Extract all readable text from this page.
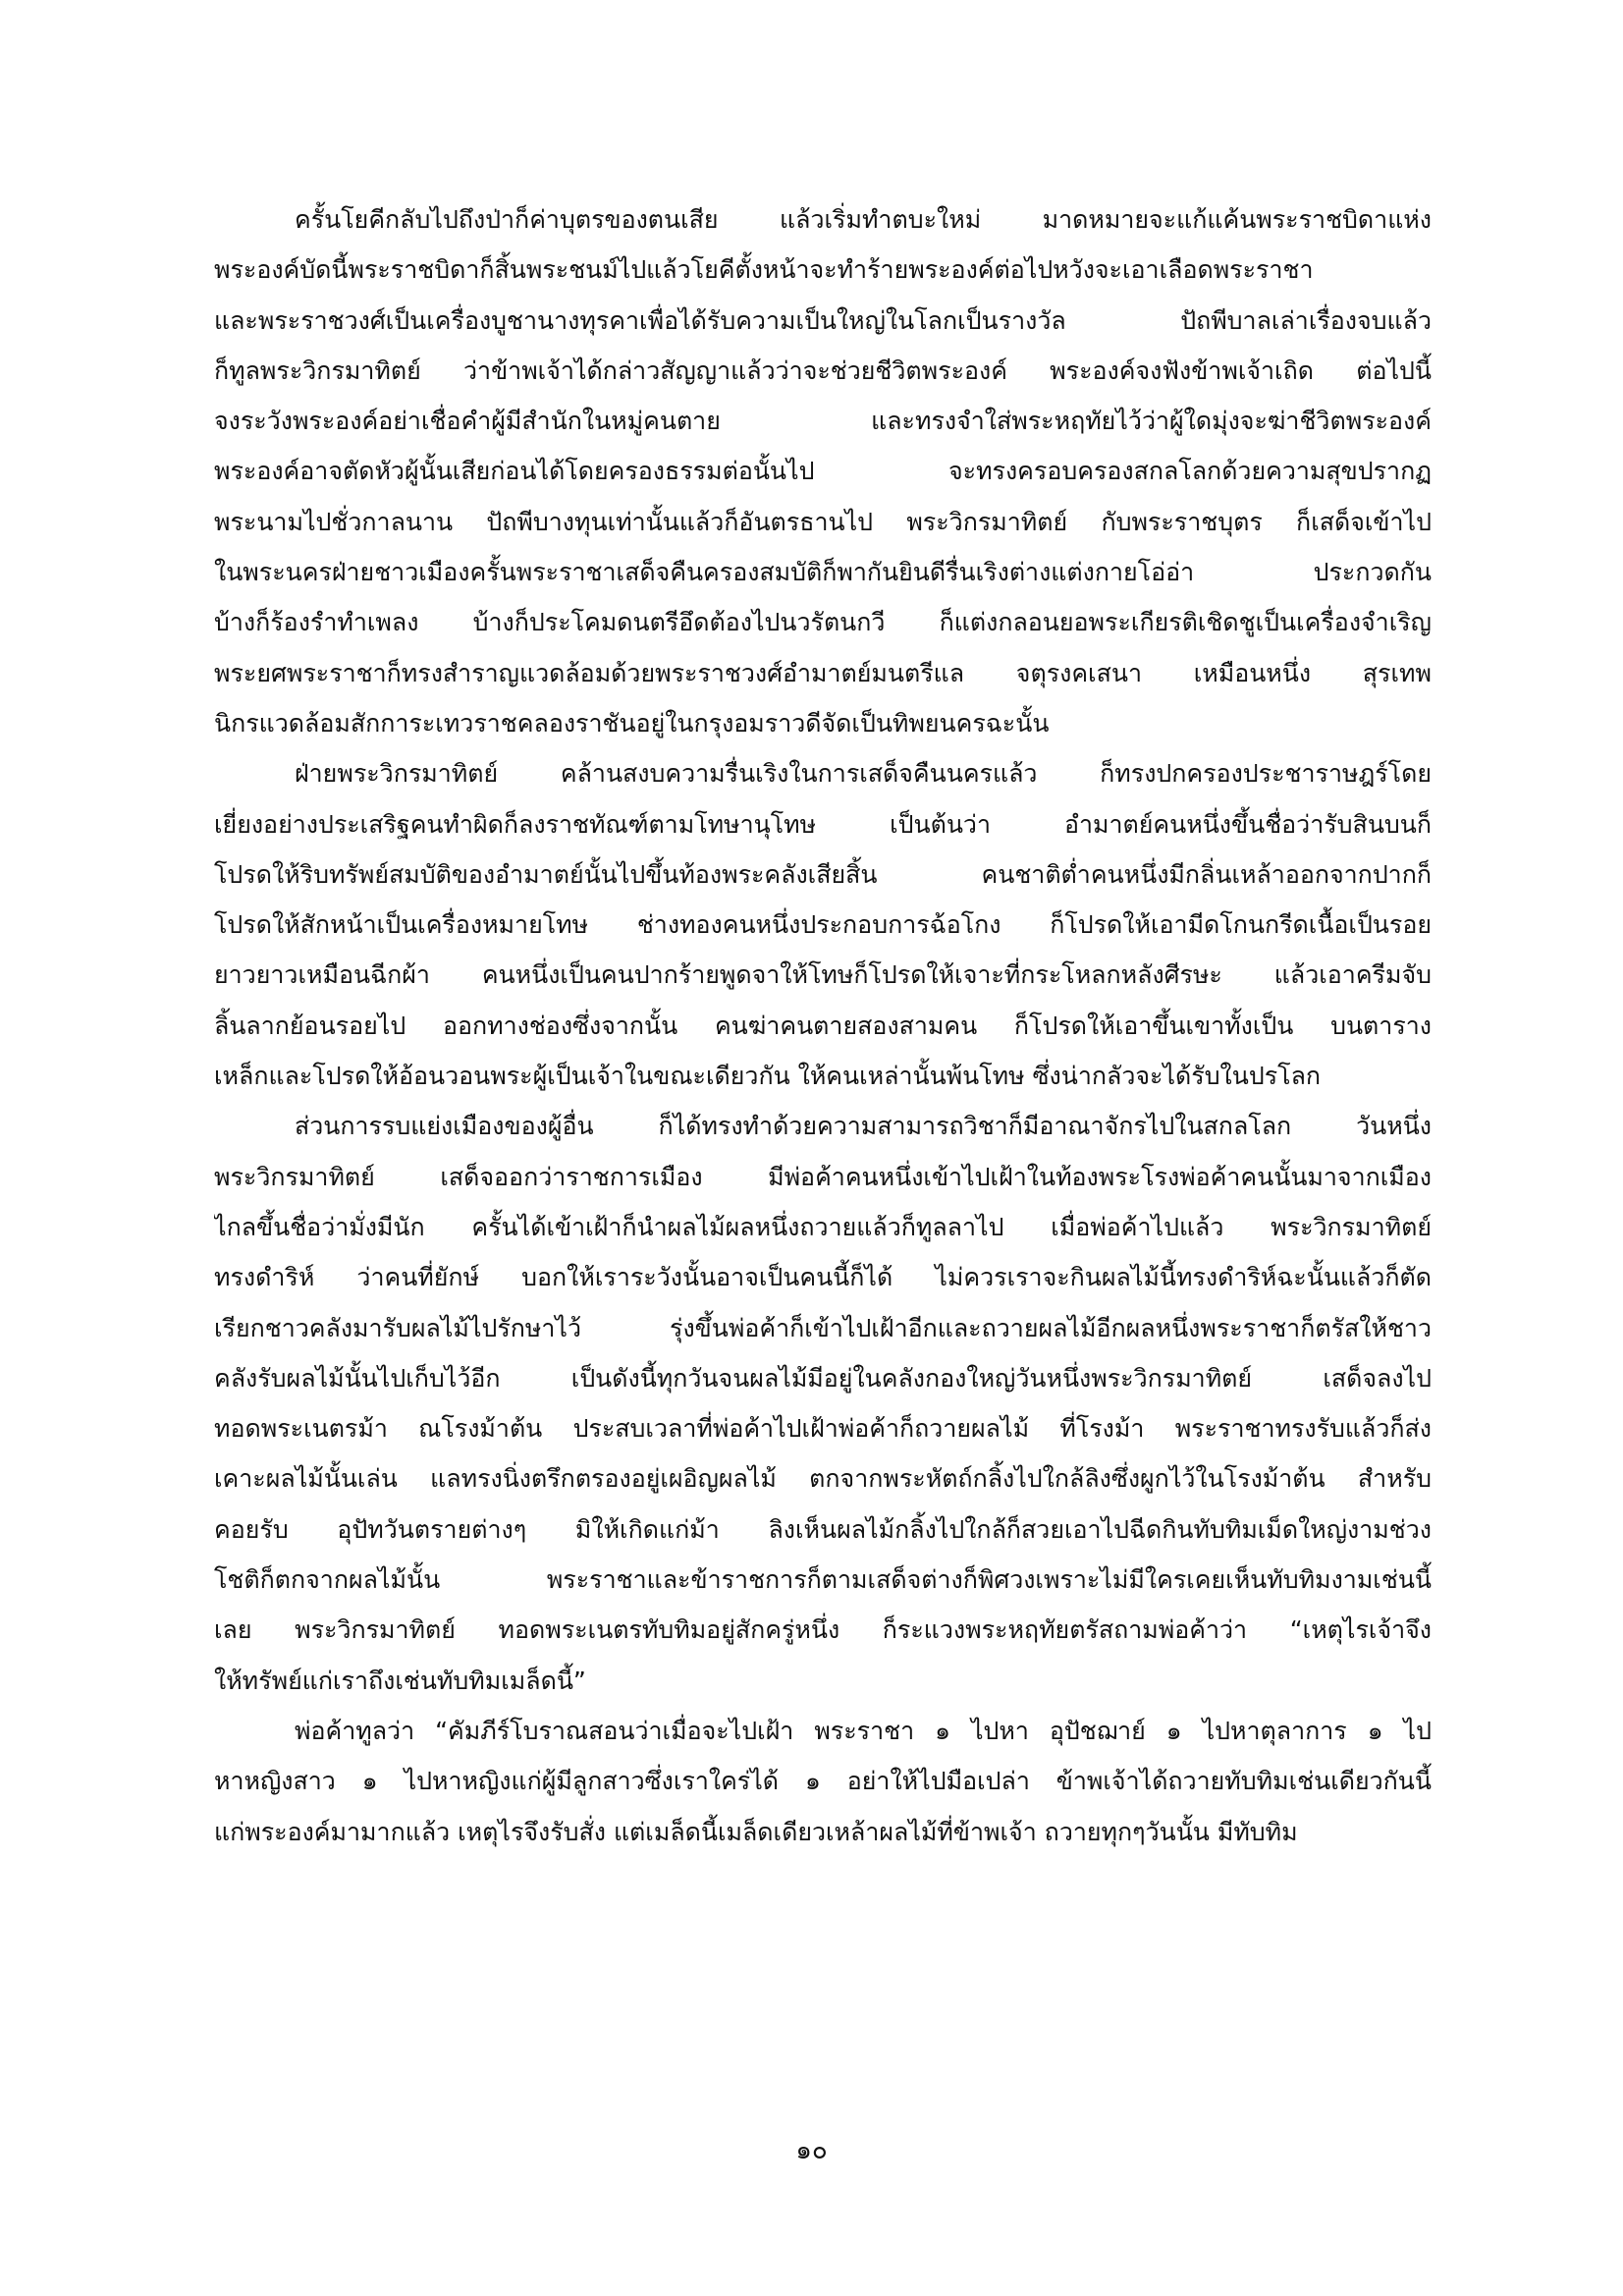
ครั้นโยคีกลับไปถึงป่าก็ค่าบุตรของตนเสีย แล้วเริ่มทำตบะใหม่ มาดหมายจะแก้แค้นพระราชบิดาแห่ง
พระองค์บัดนี้พระราชบิดาก็สิ้นพระชนม์ไปแล้วโยคีตั้งหน้าจะทำร้ายพระองค์ต่อไปหวังจะเอาเลือดพระราชา
และพระราชวงศ์เป็นเครื่องบูชานางทุรคาเพื่อได้รับความเป็นใหญ่ในโลกเป็นรางวัล ปัถพีบาลเล่าเรื่องจบแล้ว
ก็ทูลพระวิกรมาทิตย์ ว่าข้าพเจ้าได้กล่าวสัญญาแล้วว่าจะช่วยชีวิตพระองค์ พระองค์จงฟังข้าพเจ้าเถิด ต่อไปนี้
จงระวังพระองค์อย่าเชื่อคำผู้มีสำนักในหมู่คนตาย และทรงจำใส่พระหฤทัยไว้ว่าผู้ใดมุ่งจะฆ่าชีวิตพระองค์
พระองค์อาจตัดหัวผู้นั้นเสียก่อนได้โดยครองธรรมต่อนั้นไป จะทรงครอบครองสกลโลกด้วยความสุขปรากฏ
พระนามไปชั่วกาลนาน ปัถพีบางทุนเท่านั้นแล้วก็อันตรธานไป พระวิกรมาทิตย์ กับพระราชบุตร ก็เสด็จเข้าไป
ในพระนครฝ่ายชาวเมืองครั้นพระราชาเสด็จคืนครองสมบัติก็พากันยินดีรื่นเริงต่างแต่งกายโอ่อ่า ประกวดกัน
บ้างก็ร้องรำทำเพลง บ้างก็ประโคมดนตรีอึดต้องไปนวรัตนกวี ก็แต่งกลอนยอพระเกียรติเชิดชูเป็นเครื่องจำเริญ
พระยศพระราชาก็ทรงสำราญแวดล้อมด้วยพระราชวงศ์อำมาตย์มนตรีแล จตุรงคเสนา เหมือนหนึ่ง สุรเทพ
นิกรแวดล้อมสักการะเทวราชคลองราชันอยู่ในกรุงอมราวดีจัดเป็นทิพยนครฉะนั้น
ฝ่ายพระวิกรมาทิตย์ คล้านสงบความรื่นเริงในการเสด็จคืนนครแล้ว ก็ทรงปกครองประชาราษฎร์โดย
เยี่ยงอย่างประเสริฐคนทำผิดก็ลงราชทัณฑ์ตามโทษานุโทษ เป็นต้นว่า อำมาตย์คนหนึ่งขึ้นชื่อว่ารับสินบนก็
โปรดให้ริบทรัพย์สมบัติของอำมาตย์นั้นไปขึ้นท้องพระคลังเสียสิ้น คนชาติต่ำคนหนึ่งมีกลิ่นเหล้าออกจากปากก็
โปรดให้สักหน้าเป็นเครื่องหมายโทษ ช่างทองคนหนึ่งประกอบการฉ้อโกง ก็โปรดให้เอามีดโกนกรีดเนื้อเป็นรอย
ยาวยาวเหมือนฉีกผ้า คนหนึ่งเป็นคนปากร้ายพูดจาให้โทษก็โปรดให้เจาะที่กระโหลกหลังศีรษะ แล้วเอาครีมจับ
ลิ้นลากย้อนรอยไป ออกทางช่องซึ่งจากนั้น คนฆ่าคนตายสองสามคน ก็โปรดให้เอาขึ้นเขาทั้งเป็น บนตาราง
เหล็กและโปรดให้อ้อนวอนพระผู้เป็นเจ้าในขณะเดียวกัน ให้คนเหล่านั้นพ้นโทษ ซึ่งน่ากลัวจะได้รับในปรโลก
ส่วนการรบแย่งเมืองของผู้อื่น ก็ได้ทรงทำด้วยความสามารถวิชาก็มีอาณาจักรไปในสกลโลก วันหนึ่ง
พระวิกรมาทิตย์ เสด็จออกว่าราชการเมือง มีพ่อค้าคนหนึ่งเข้าไปเฝ้าในท้องพระโรงพ่อค้าคนนั้นมาจากเมือง
ไกลขึ้นชื่อว่ามั่งมีนัก ครั้นได้เข้าเฝ้าก็นำผลไม้ผลหนึ่งถวายแล้วก็ทูลลาไป เมื่อพ่อค้าไปแล้ว พระวิกรมาทิตย์
ทรงดำริห์ ว่าคนที่ยักษ์ บอกให้เราระวังนั้นอาจเป็นคนนี้ก็ได้ ไม่ควรเราจะกินผลไม้นี้ทรงดำริห์ฉะนั้นแล้วก็ตัด
เรียกชาวคลังมารับผลไม้ไปรักษาไว้ รุ่งขึ้นพ่อค้าก็เข้าไปเฝ้าอีกและถวายผลไม้อีกผลหนึ่งพระราชาก็ตรัสให้ชาว
คลังรับผลไม้นั้นไปเก็บไว้อีก เป็นดังนี้ทุกวันจนผลไม้มีอยู่ในคลังกองใหญ่วันหนึ่งพระวิกรมาทิตย์ เสด็จลงไป
ทอดพระเนตรม้า ณโรงม้าต้น ประสบเวลาที่พ่อค้าไปเฝ้าพ่อค้าก็ถวายผลไม้ ที่โรงม้า พระราชาทรงรับแล้วก็ส่ง
เคาะผลไม้นั้นเล่น แลทรงนิ่งตรึกตรองอยู่เผอิญผลไม้ ตกจากพระหัตถ์กลิ้งไปใกล้ลิงซึ่งผูกไว้ในโรงม้าต้น สำหรับ
คอยรับ อุปัทวันตรายต่างๆ มิให้เกิดแก่ม้า ลิงเห็นผลไม้กลิ้งไปใกล้ก็สวยเอาไปฉีดกินทับทิมเม็ดใหญ่งามช่วง
โชติก็ตกจากผลไม้นั้น พระราชาและข้าราชการก็ตามเสด็จต่างก็พิศวงเพราะไม่มีใครเคยเห็นทับทิมงามเช่นนี้
เลย พระวิกรมาทิตย์ ทอดพระเนตรทับทิมอยู่สักครู่หนึ่ง ก็ระแวงพระหฤทัยตรัสถามพ่อค้าว่า “เหตุไรเจ้าจึง
ให้ทรัพย์แก่เราถึงเช่นทับทิมเมล็ดนี้”
พ่อค้าทูลว่า “คัมภีร์โบราณสอนว่าเมื่อจะไปเฝ้า พระราชา ๑ ไปหา อุปัชฌาย์ ๑ ไปหาตุลาการ ๑ ไป
หาหญิงสาว ๑ ไปหาหญิงแก่ผู้มีลูกสาวซึ่งเราใคร่ได้ ๑ อย่าให้ไปมือเปล่า ข้าพเจ้าได้ถวายทับทิมเช่นเดียวกันนี้
แก่พระองค์มามากแล้ว เหตุไรจึงรับสั่ง แต่เมล็ดนี้เมล็ดเดียวเหล้าผลไม้ที่ข้าพเจ้า ถวายทุกๆวันนั้น มีทับทิม
๑๐
